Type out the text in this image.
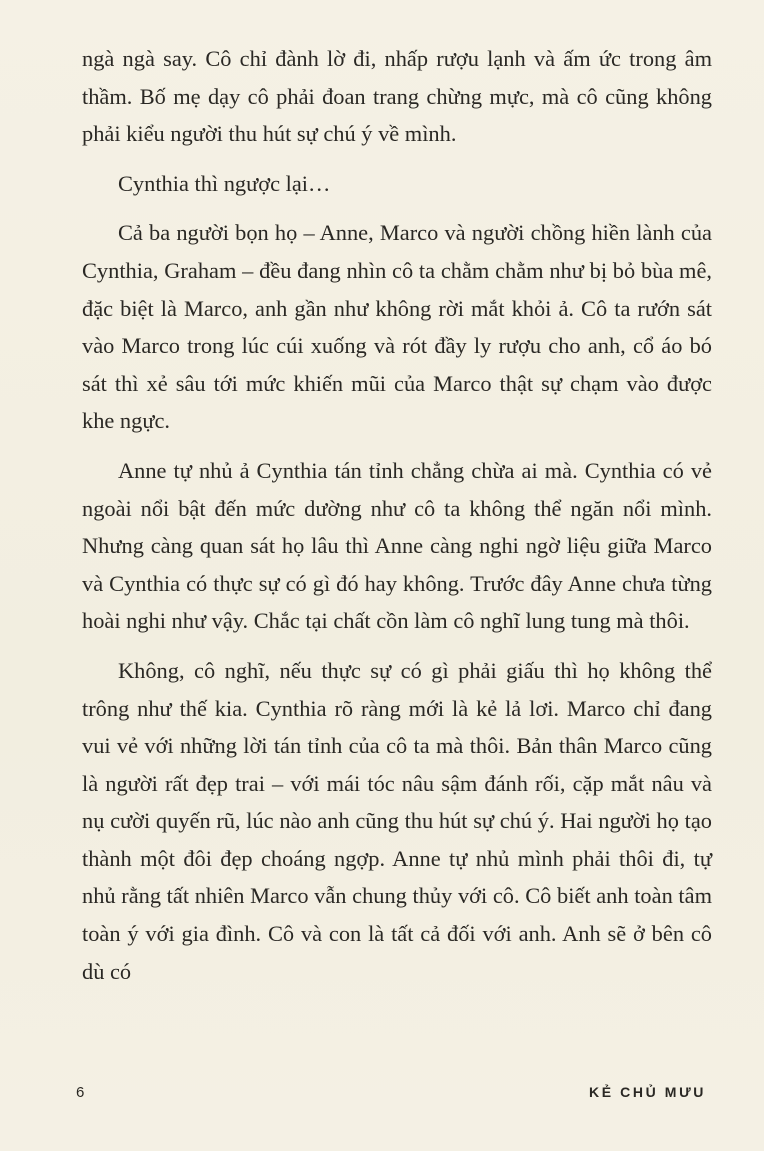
ngà ngà say. Cô chỉ đành lờ đi, nhấp rượu lạnh và ấm ức trong âm thầm. Bố mẹ dạy cô phải đoan trang chừng mực, mà cô cũng không phải kiểu người thu hút sự chú ý về mình.

Cynthia thì ngược lại…

Cả ba người bọn họ – Anne, Marco và người chồng hiền lành của Cynthia, Graham – đều đang nhìn cô ta chằm chằm như bị bỏ bùa mê, đặc biệt là Marco, anh gần như không rời mắt khỏi ả. Cô ta rướn sát vào Marco trong lúc cúi xuống và rót đầy ly rượu cho anh, cổ áo bó sát thì xẻ sâu tới mức khiến mũi của Marco thật sự chạm vào được khe ngực.

Anne tự nhủ ả Cynthia tán tỉnh chẳng chừa ai mà. Cynthia có vẻ ngoài nổi bật đến mức dường như cô ta không thể ngăn nổi mình. Nhưng càng quan sát họ lâu thì Anne càng nghi ngờ liệu giữa Marco và Cynthia có thực sự có gì đó hay không. Trước đây Anne chưa từng hoài nghi như vậy. Chắc tại chất cồn làm cô nghĩ lung tung mà thôi.

Không, cô nghĩ, nếu thực sự có gì phải giấu thì họ không thể trông như thế kia. Cynthia rõ ràng mới là kẻ lả lơi. Marco chỉ đang vui vẻ với những lời tán tỉnh của cô ta mà thôi. Bản thân Marco cũng là người rất đẹp trai – với mái tóc nâu sậm đánh rối, cặp mắt nâu và nụ cười quyến rũ, lúc nào anh cũng thu hút sự chú ý. Hai người họ tạo thành một đôi đẹp choáng ngợp. Anne tự nhủ mình phải thôi đi, tự nhủ rằng tất nhiên Marco vẫn chung thủy với cô. Cô biết anh toàn tâm toàn ý với gia đình. Cô và con là tất cả đối với anh. Anh sẽ ở bên cô dù có

6	KẺ CHỦ MƯU
